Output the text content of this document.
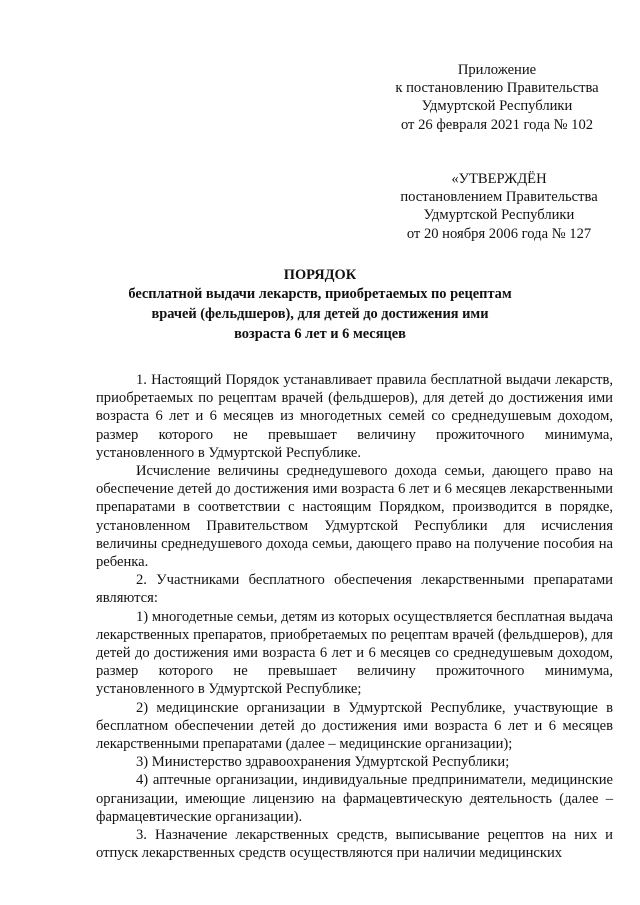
Приложение
к постановлению Правительства
Удмуртской Республики
от 26 февраля 2021 года № 102
«УТВЕРЖДЁН
постановлением Правительства
Удмуртской Республики
от 20 ноября 2006 года № 127
ПОРЯДОК
бесплатной выдачи лекарств, приобретаемых по рецептам
врачей (фельдшеров), для детей до достижения ими
возраста 6 лет и 6 месяцев

1. Настоящий Порядок устанавливает правила бесплатной выдачи лекарств, приобретаемых по рецептам врачей (фельдшеров), для детей до достижения ими возраста 6 лет и 6 месяцев из многодетных семей со среднедушевым доходом, размер которого не превышает величину прожиточного минимума, установленного в Удмуртской Республике.

Исчисление величины среднедушевого дохода семьи, дающего право на обеспечение детей до достижения ими возраста 6 лет и 6 месяцев лекарственными препаратами в соответствии с настоящим Порядком, производится в порядке, установленном Правительством Удмуртской Республики для исчисления величины среднедушевого дохода семьи, дающего право на получение пособия на ребенка.

2. Участниками бесплатного обеспечения лекарственными препаратами являются:

1) многодетные семьи, детям из которых осуществляется бесплатная выдача лекарственных препаратов, приобретаемых по рецептам врачей (фельдшеров), для детей до достижения ими возраста 6 лет и 6 месяцев со среднедушевым доходом, размер которого не превышает величину прожиточного минимума, установленного в Удмуртской Республике;

2) медицинские организации в Удмуртской Республике, участвующие в бесплатном обеспечении детей до достижения ими возраста 6 лет и 6 месяцев лекарственными препаратами (далее – медицинские организации);

3) Министерство здравоохранения Удмуртской Республики;

4) аптечные организации, индивидуальные предприниматели, медицинские организации, имеющие лицензию на фармацевтическую деятельность (далее – фармацевтические организации).

3. Назначение лекарственных средств, выписывание рецептов на них и отпуск лекарственных средств осуществляются при наличии медицинских
